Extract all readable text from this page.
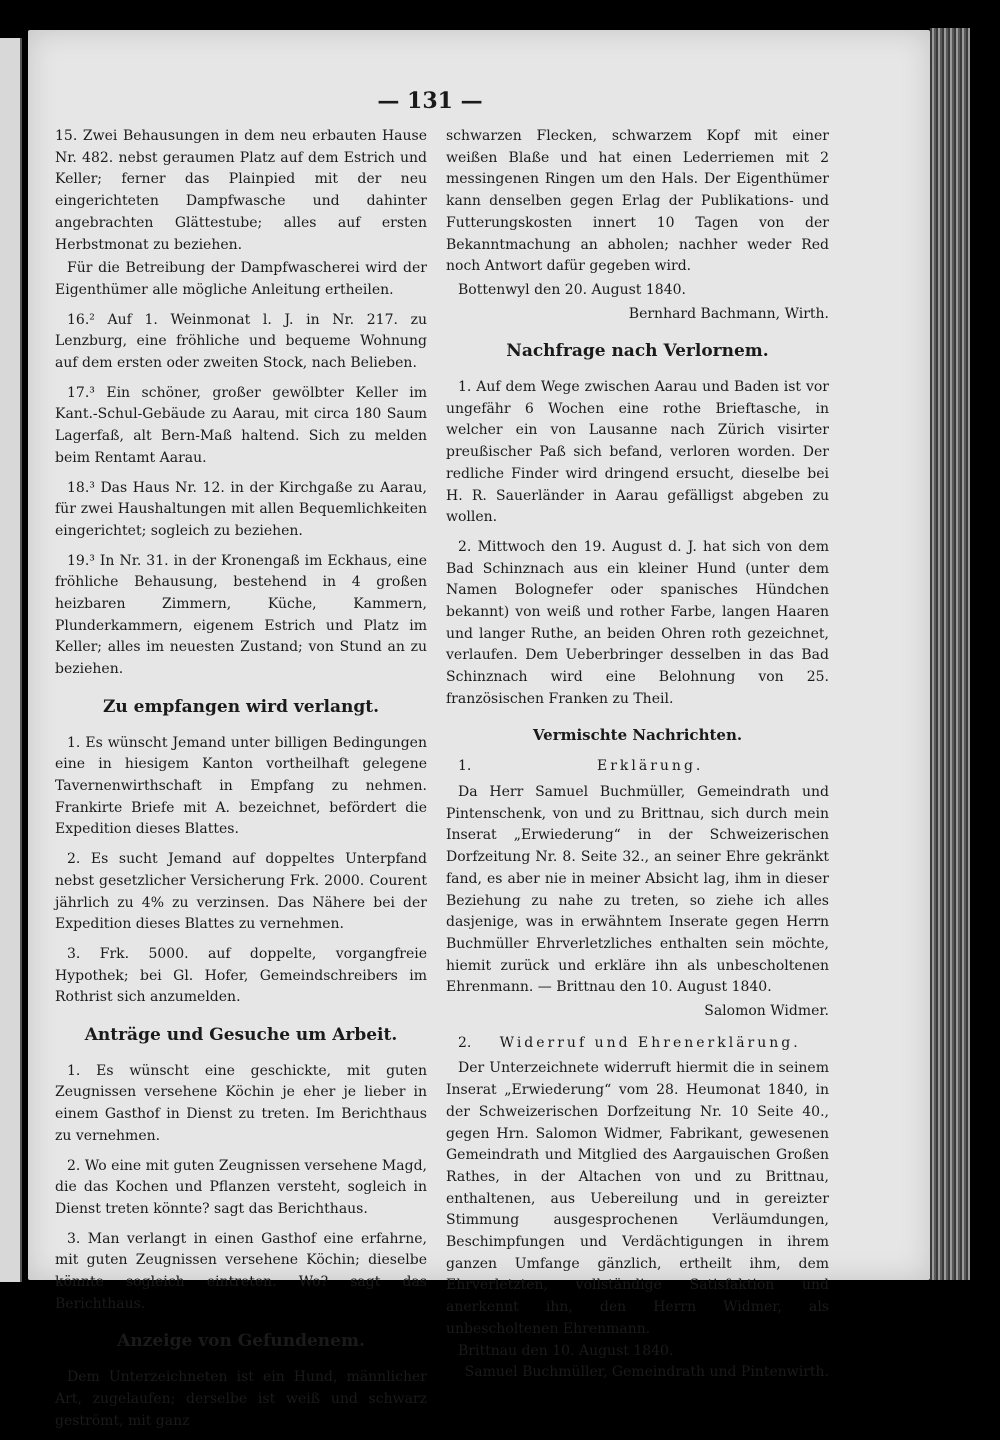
— 131 —

15. Zwei Behausungen in dem neu erbauten Hause Nr. 482. nebst geraumen Platz auf dem Estrich und Keller; ferner das Plainpied mit der neu eingerichteten Dampfwasche und dahinter angebrachten Glättestube; alles auf ersten Herbstmonat zu beziehen.

Für die Betreibung der Dampfwascherei wird der Eigenthümer alle mögliche Anleitung ertheilen.

16.² Auf 1. Weinmonat l. J. in Nr. 217. zu Lenzburg, eine fröhliche und bequeme Wohnung auf dem ersten oder zweiten Stock, nach Belieben.

17.³ Ein schöner, großer gewölbter Keller im Kant.-Schul-Gebäude zu Aarau, mit circa 180 Saum Lagerfaß, alt Bern-Maß haltend. Sich zu melden beim Rentamt Aarau.

18.³ Das Haus Nr. 12. in der Kirchgaße zu Aarau, für zwei Haushaltungen mit allen Bequemlichkeiten eingerichtet; sogleich zu beziehen.

19.³ In Nr. 31. in der Kronengaß im Eckhaus, eine fröhliche Behausung, bestehend in 4 großen heizbaren Zimmern, Küche, Kammern, Plunderkammern, eigenem Estrich und Platz im Keller; alles im neuesten Zustand; von Stund an zu beziehen.

Zu empfangen wird verlangt.

1. Es wünscht Jemand unter billigen Bedingungen eine in hiesigem Kanton vortheilhaft gelegene Tavernenwirthschaft in Empfang zu nehmen. Frankirte Briefe mit A. bezeichnet, befördert die Expedition dieses Blattes.

2. Es sucht Jemand auf doppeltes Unterpfand nebst gesetzlicher Versicherung Frk. 2000. Courent jährlich zu 4% zu verzinsen. Das Nähere bei der Expedition dieses Blattes zu vernehmen.

3. Frk. 5000. auf doppelte, vorgangfreie Hypothek; bei Gl. Hofer, Gemeindschreibers im Rothrist sich anzumelden.

Anträge und Gesuche um Arbeit.

1. Es wünscht eine geschickte, mit guten Zeugnissen versehene Köchin je eher je lieber in einem Gasthof in Dienst zu treten. Im Berichthaus zu vernehmen.

2. Wo eine mit guten Zeugnissen versehene Magd, die das Kochen und Pflanzen versteht, sogleich in Dienst treten könnte? sagt das Berichthaus.

3. Man verlangt in einen Gasthof eine erfahrne, mit guten Zeugnissen versehene Köchin; dieselbe könnte sogleich eintreten. Wo? sagt das Berichthaus.

Anzeige von Gefundenem.

Dem Unterzeichneten ist ein Hund, männlicher Art, zugelaufen; derselbe ist weiß und schwarz geströmt, mit ganz

schwarzen Flecken, schwarzem Kopf mit einer weißen Blaße und hat einen Lederriemen mit 2 messingenen Ringen um den Hals. Der Eigenthümer kann denselben gegen Erlag der Publikations- und Futterungskosten innert 10 Tagen von der Bekanntmachung an abholen; nachher weder Red noch Antwort dafür gegeben wird.

Bottenwyl den 20. August 1840.

Bernhard Bachmann, Wirth.
Nachfrage nach Verlornem.

1. Auf dem Wege zwischen Aarau und Baden ist vor ungefähr 6 Wochen eine rothe Brieftasche, in welcher ein von Lausanne nach Zürich visirter preußischer Paß sich befand, verloren worden. Der redliche Finder wird dringend ersucht, dieselbe bei H. R. Sauerländer in Aarau gefälligst abgeben zu wollen.

2. Mittwoch den 19. August d. J. hat sich von dem Bad Schinznach aus ein kleiner Hund (unter dem Namen Bolognefer oder spanisches Hündchen bekannt) von weiß und rother Farbe, langen Haaren und langer Ruthe, an beiden Ohren roth gezeichnet, verlaufen. Dem Ueberbringer desselben in das Bad Schinznach wird eine Belohnung von 25. französischen Franken zu Theil.

Vermischte Nachrichten.
1.	Erklärung.

Da Herr Samuel Buchmüller, Gemeindrath und Pintenschenk, von und zu Brittnau, sich durch mein Inserat „Erwiederung“ in der Schweizerischen Dorfzeitung Nr. 8. Seite 32., an seiner Ehre gekränkt fand, es aber nie in meiner Absicht lag, ihm in dieser Beziehung zu nahe zu treten, so ziehe ich alles dasjenige, was in erwähntem Inserate gegen Herrn Buchmüller Ehrverletzliches enthalten sein möchte, hiemit zurück und erkläre ihn als unbescholtenen Ehrenmann. — Brittnau den 10. August 1840.

Salomon Widmer.
2.	Widerruf und Ehrenerklärung.

Der Unterzeichnete widerruft hiermit die in seinem Inserat „Erwiederung“ vom 28. Heumonat 1840, in der Schweizerischen Dorfzeitung Nr. 10 Seite 40., gegen Hrn. Salomon Widmer, Fabrikant, gewesenen Gemeindrath und Mitglied des Aargauischen Großen Rathes, in der Altachen von und zu Brittnau, enthaltenen, aus Uebereilung und in gereizter Stimmung ausgesprochenen Verläumdungen, Beschimpfungen und Verdächtigungen in ihrem ganzen Umfange gänzlich, ertheilt ihm, dem Ehrverletzten, vollständige Satisfaktion und anerkennt ihn, den Herrn Widmer, als unbescholtenen Ehrenmann.

Brittnau den 10. August 1840.

Samuel Buchmüller, Gemeindrath und Pintenwirth.
